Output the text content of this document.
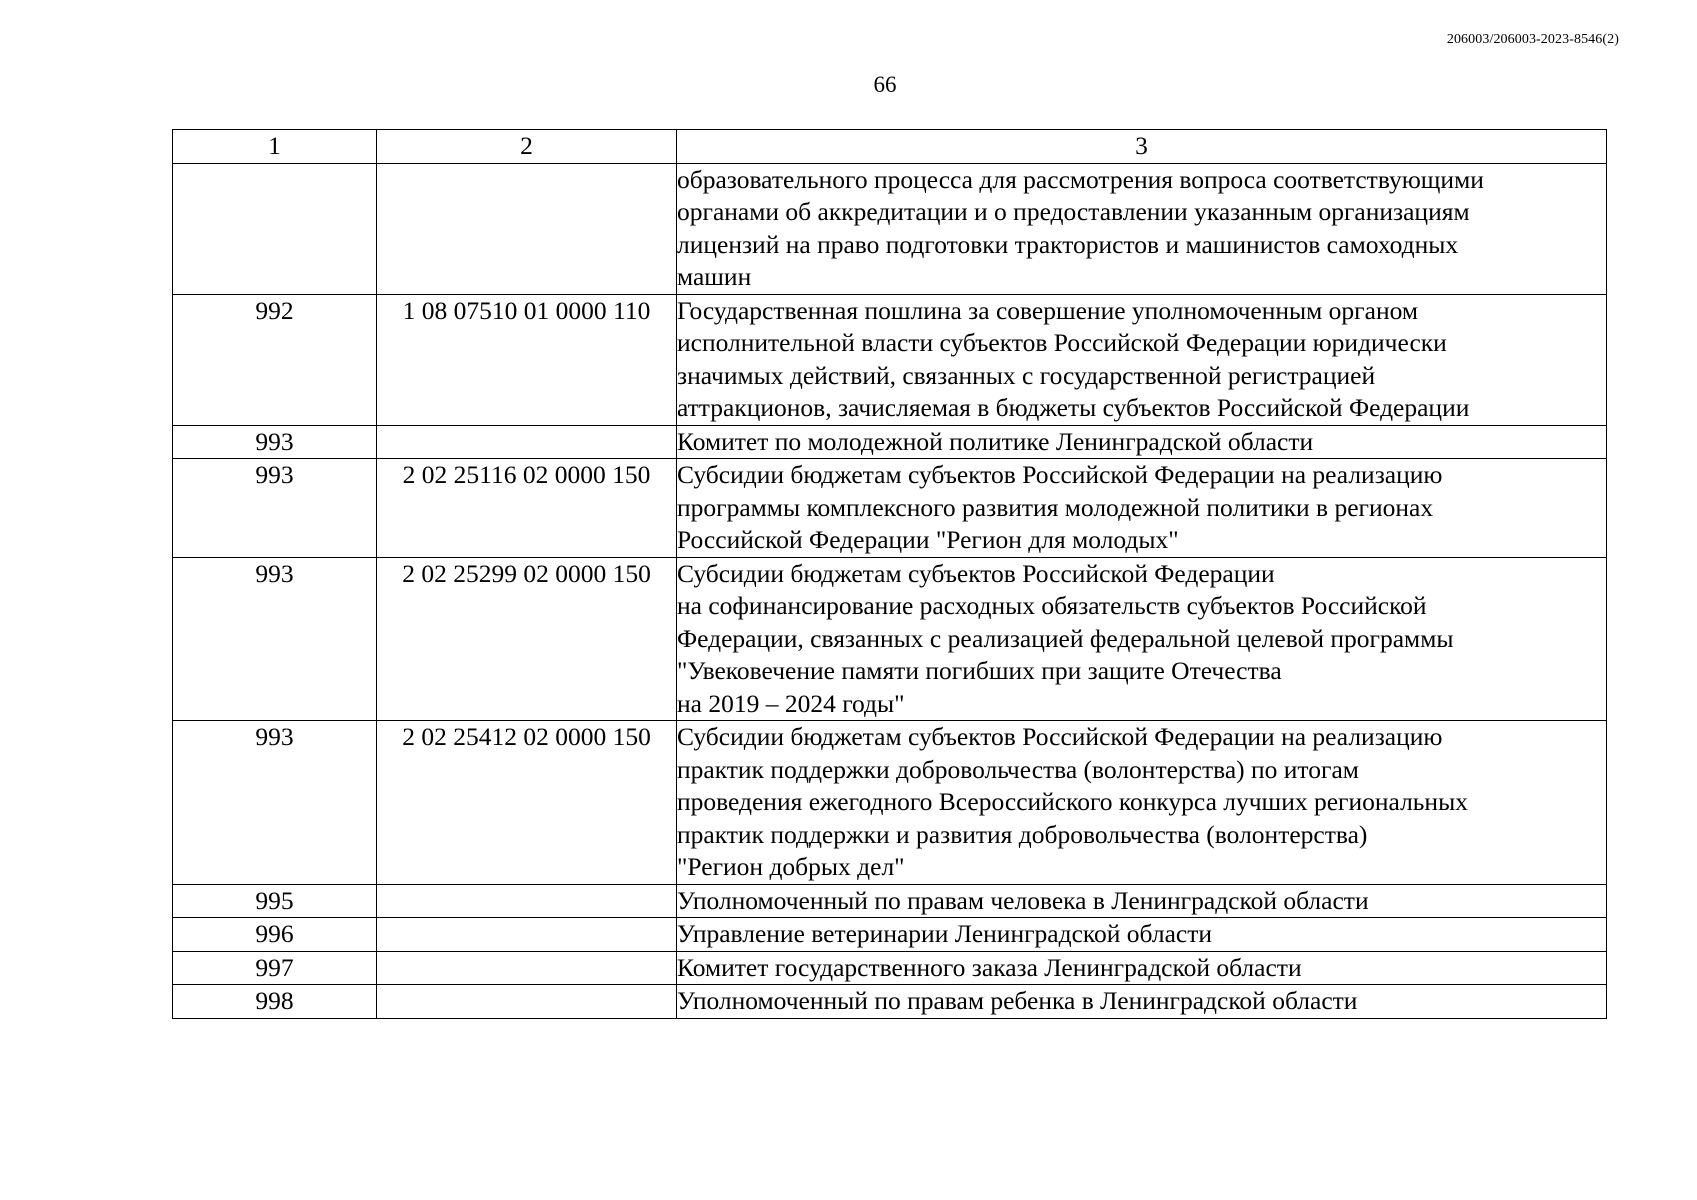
206003/206003-2023-8546(2)
66
1	2	3

		образовательного процесса для рассмотрения вопроса соответствующими
органами об аккредитации и о предоставлении указанным организациям
лицензий на право подготовки трактористов и машинистов самоходных
машин

992	1 08 07510 01 0000 110	Государственная пошлина за совершение уполномоченным органом
исполнительной власти субъектов Российской Федерации юридически
значимых действий, связанных с государственной регистрацией
аттракционов, зачисляемая в бюджеты субъектов Российской Федерации

993		Комитет по молодежной политике Ленинградской области

993	2 02 25116 02 0000 150	Субсидии бюджетам субъектов Российской Федерации на реализацию
программы комплексного развития молодежной политики в регионах
Российской Федерации "Регион для молодых"

993	2 02 25299 02 0000 150	Субсидии бюджетам субъектов Российской Федерации
на софинансирование расходных обязательств субъектов Российской
Федерации, связанных с реализацией федеральной целевой программы
"Увековечение памяти погибших при защите Отечества
на 2019 – 2024 годы"

993	2 02 25412 02 0000 150	Субсидии бюджетам субъектов Российской Федерации на реализацию
практик поддержки добровольчества (волонтерства) по итогам
проведения ежегодного Всероссийского конкурса лучших региональных
практик поддержки и развития добровольчества (волонтерства)
"Регион добрых дел"

995		Уполномоченный по правам человека в Ленинградской области

996		Управление ветеринарии Ленинградской области

997		Комитет государственного заказа Ленинградской области

998		Уполномоченный по правам ребенка в Ленинградской области
